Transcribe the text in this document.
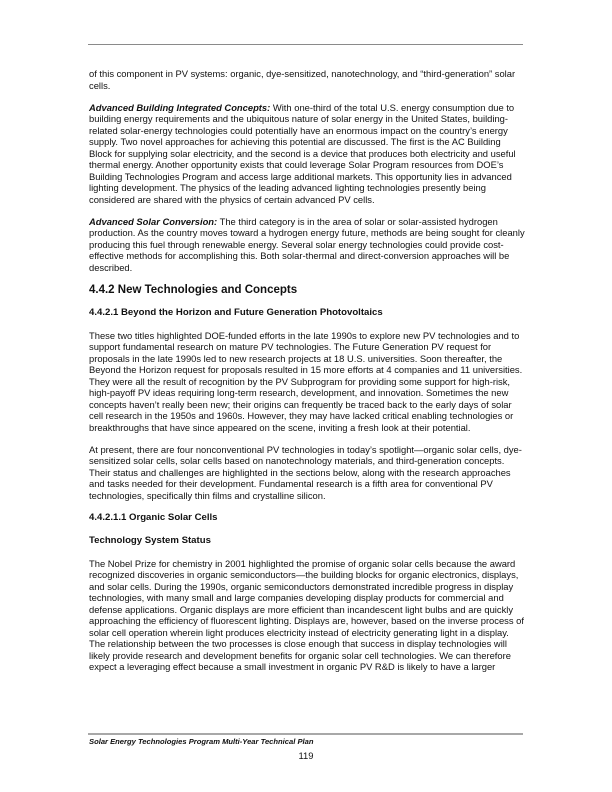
of this component in PV systems: organic, dye-sensitized, nanotechnology, and “third-generation” solar cells.

Advanced Building Integrated Concepts: With one-third of the total U.S. energy consumption due to building energy requirements and the ubiquitous nature of solar energy in the United States, building-related solar-energy technologies could potentially have an enormous impact on the country’s energy supply. Two novel approaches for achieving this potential are discussed. The first is the AC Building Block for supplying solar electricity, and the second is a device that produces both electricity and useful thermal energy. Another opportunity exists that could leverage Solar Program resources from DOE’s Building Technologies Program and access large additional markets. This opportunity lies in advanced lighting development. The physics of the leading advanced lighting technologies presently being considered are shared with the physics of certain advanced PV cells.

Advanced Solar Conversion: The third category is in the area of solar or solar-assisted hydrogen production. As the country moves toward a hydrogen energy future, methods are being sought for cleanly producing this fuel through renewable energy. Several solar energy technologies could provide cost-effective methods for accomplishing this. Both solar-thermal and direct-conversion approaches will be described.

4.4.2 New Technologies and Concepts
4.4.2.1 Beyond the Horizon and Future Generation Photovoltaics

These two titles highlighted DOE-funded efforts in the late 1990s to explore new PV technologies and to support fundamental research on mature PV technologies. The Future Generation PV request for proposals in the late 1990s led to new research projects at 18 U.S. universities. Soon thereafter, the Beyond the Horizon request for proposals resulted in 15 more efforts at 4 companies and 11 universities. They were all the result of recognition by the PV Subprogram for providing some support for high-risk, high-payoff PV ideas requiring long-term research, development, and innovation. Sometimes the new concepts haven’t really been new; their origins can frequently be traced back to the early days of solar cell research in the 1950s and 1960s. However, they may have lacked critical enabling technologies or breakthroughs that have since appeared on the scene, inviting a fresh look at their potential.

At present, there are four nonconventional PV technologies in today’s spotlight—organic solar cells, dye-sensitized solar cells, solar cells based on nanotechnology materials, and third-generation concepts. Their status and challenges are highlighted in the sections below, along with the research approaches and tasks needed for their development. Fundamental research is a fifth area for conventional PV technologies, specifically thin films and crystalline silicon.

4.4.2.1.1 Organic Solar Cells
Technology System Status

The Nobel Prize for chemistry in 2001 highlighted the promise of organic solar cells because the award recognized discoveries in organic semiconductors—the building blocks for organic electronics, displays, and solar cells. During the 1990s, organic semiconductors demonstrated incredible progress in display technologies, with many small and large companies developing display products for commercial and defense applications. Organic displays are more efficient than incandescent light bulbs and are quickly approaching the efficiency of fluorescent lighting. Displays are, however, based on the inverse process of solar cell operation wherein light produces electricity instead of electricity generating light in a display. The relationship between the two processes is close enough that success in display technologies will likely provide research and development benefits for organic solar cell technologies. We can therefore expect a leveraging effect because a small investment in organic PV R&D is likely to have a larger

Solar Energy Technologies Program Multi-Year Technical Plan
119
